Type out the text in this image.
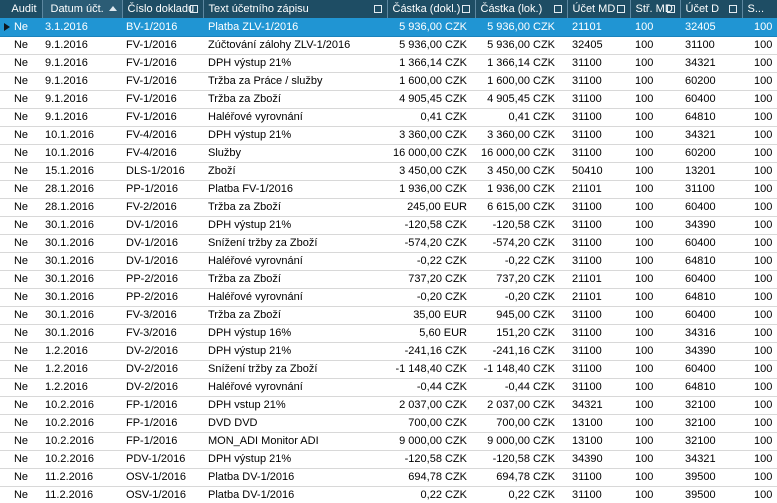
Audit	Datum účt.	Číslo dokladu	Text účetního zápisu	Částka (dokl.)	Částka (lok.)	Účet MD	Stř. MD	Účet D	S...

Ne	3.1.2016	BV-1/2016	Platba ZLV-1/2016	5 936,00 CZK	5 936,00 CZK	21101	100	32405	100
Ne	9.1.2016	FV-1/2016	Zúčtování zálohy ZLV-1/2016	5 936,00 CZK	5 936,00 CZK	32405	100	31100	100
Ne	9.1.2016	FV-1/2016	DPH výstup 21%	1 366,14 CZK	1 366,14 CZK	31100	100	34321	100
Ne	9.1.2016	FV-1/2016	Tržba za Práce / služby	1 600,00 CZK	1 600,00 CZK	31100	100	60200	100
Ne	9.1.2016	FV-1/2016	Tržba za Zboží	4 905,45 CZK	4 905,45 CZK	31100	100	60400	100
Ne	9.1.2016	FV-1/2016	Haléřové vyrovnání	0,41 CZK	0,41 CZK	31100	100	64810	100
Ne	10.1.2016	FV-4/2016	DPH výstup 21%	3 360,00 CZK	3 360,00 CZK	31100	100	34321	100
Ne	10.1.2016	FV-4/2016	Služby	16 000,00 CZK	16 000,00 CZK	31100	100	60200	100
Ne	15.1.2016	DLS-1/2016	Zboží	3 450,00 CZK	3 450,00 CZK	50410	100	13201	100
Ne	28.1.2016	PP-1/2016	Platba FV-1/2016	1 936,00 CZK	1 936,00 CZK	21101	100	31100	100
Ne	28.1.2016	FV-2/2016	Tržba za Zboží	245,00 EUR	6 615,00 CZK	31100	100	60400	100
Ne	30.1.2016	DV-1/2016	DPH výstup 21%	-120,58 CZK	-120,58 CZK	31100	100	34390	100
Ne	30.1.2016	DV-1/2016	Snížení tržby za Zboží	-574,20 CZK	-574,20 CZK	31100	100	60400	100
Ne	30.1.2016	DV-1/2016	Haléřové vyrovnání	-0,22 CZK	-0,22 CZK	31100	100	64810	100
Ne	30.1.2016	PP-2/2016	Tržba za Zboží	737,20 CZK	737,20 CZK	21101	100	60400	100
Ne	30.1.2016	PP-2/2016	Haléřové vyrovnání	-0,20 CZK	-0,20 CZK	21101	100	64810	100
Ne	30.1.2016	FV-3/2016	Tržba za Zboží	35,00 EUR	945,00 CZK	31100	100	60400	100
Ne	30.1.2016	FV-3/2016	DPH výstup 16%	5,60 EUR	151,20 CZK	31100	100	34316	100
Ne	1.2.2016	DV-2/2016	DPH výstup 21%	-241,16 CZK	-241,16 CZK	31100	100	34390	100
Ne	1.2.2016	DV-2/2016	Snížení tržby za Zboží	-1 148,40 CZK	-1 148,40 CZK	31100	100	60400	100
Ne	1.2.2016	DV-2/2016	Haléřové vyrovnání	-0,44 CZK	-0,44 CZK	31100	100	64810	100
Ne	10.2.2016	FP-1/2016	DPH vstup 21%	2 037,00 CZK	2 037,00 CZK	34321	100	32100	100
Ne	10.2.2016	FP-1/2016	DVD DVD	700,00 CZK	700,00 CZK	13100	100	32100	100
Ne	10.2.2016	FP-1/2016	MON_ADI Monitor ADI	9 000,00 CZK	9 000,00 CZK	13100	100	32100	100
Ne	10.2.2016	PDV-1/2016	DPH výstup 21%	-120,58 CZK	-120,58 CZK	34390	100	34321	100
Ne	11.2.2016	OSV-1/2016	Platba DV-1/2016	694,78 CZK	694,78 CZK	31100	100	39500	100
Ne	11.2.2016	OSV-1/2016	Platba DV-1/2016	0,22 CZK	0,22 CZK	31100	100	39500	100
